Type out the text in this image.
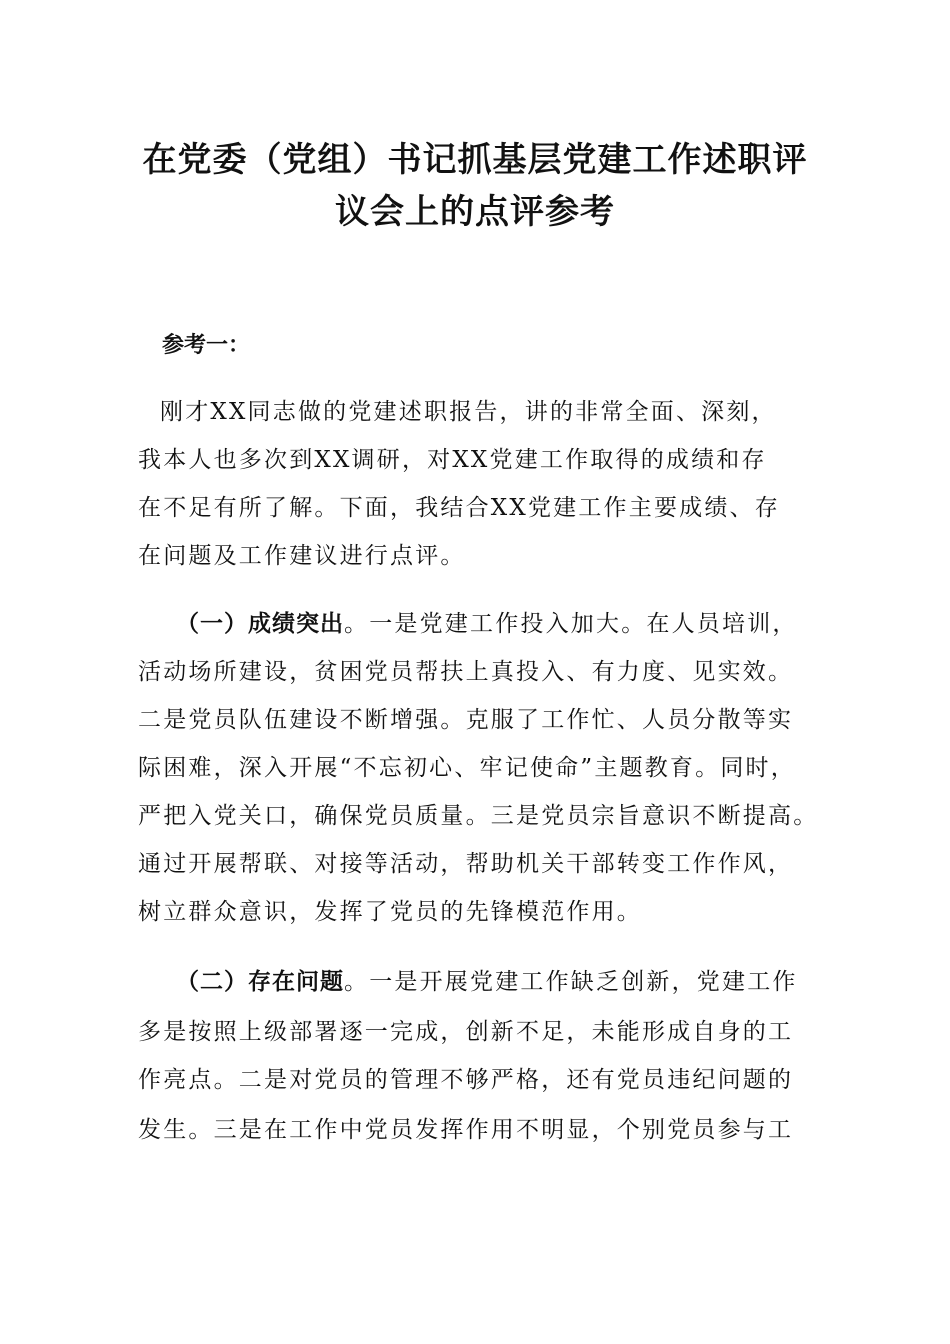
在党委（党组）书记抓基层党建工作述职评
议会上的点评参考
参考一：
刚才XX同志做的党建述职报告，讲的非常全面、深刻，
我本人也多次到XX调研，对XX党建工作取得的成绩和存
在不足有所了解。下面，我结合XX党建工作主要成绩、存
在问题及工作建议进行点评。
（一）成绩突出。一是党建工作投入加大。在人员培训，
活动场所建设，贫困党员帮扶上真投入、有力度、见实效。
二是党员队伍建设不断增强。克服了工作忙、人员分散等实
际困难，深入开展“不忘初心、牢记使命”主题教育。同时，
严把入党关口，确保党员质量。三是党员宗旨意识不断提高。
通过开展帮联、对接等活动，帮助机关干部转变工作作风，
树立群众意识，发挥了党员的先锋模范作用。
（二）存在问题。一是开展党建工作缺乏创新，党建工作
多是按照上级部署逐一完成，创新不足，未能形成自身的工
作亮点。二是对党员的管理不够严格，还有党员违纪问题的
发生。三是在工作中党员发挥作用不明显，个别党员参与工
